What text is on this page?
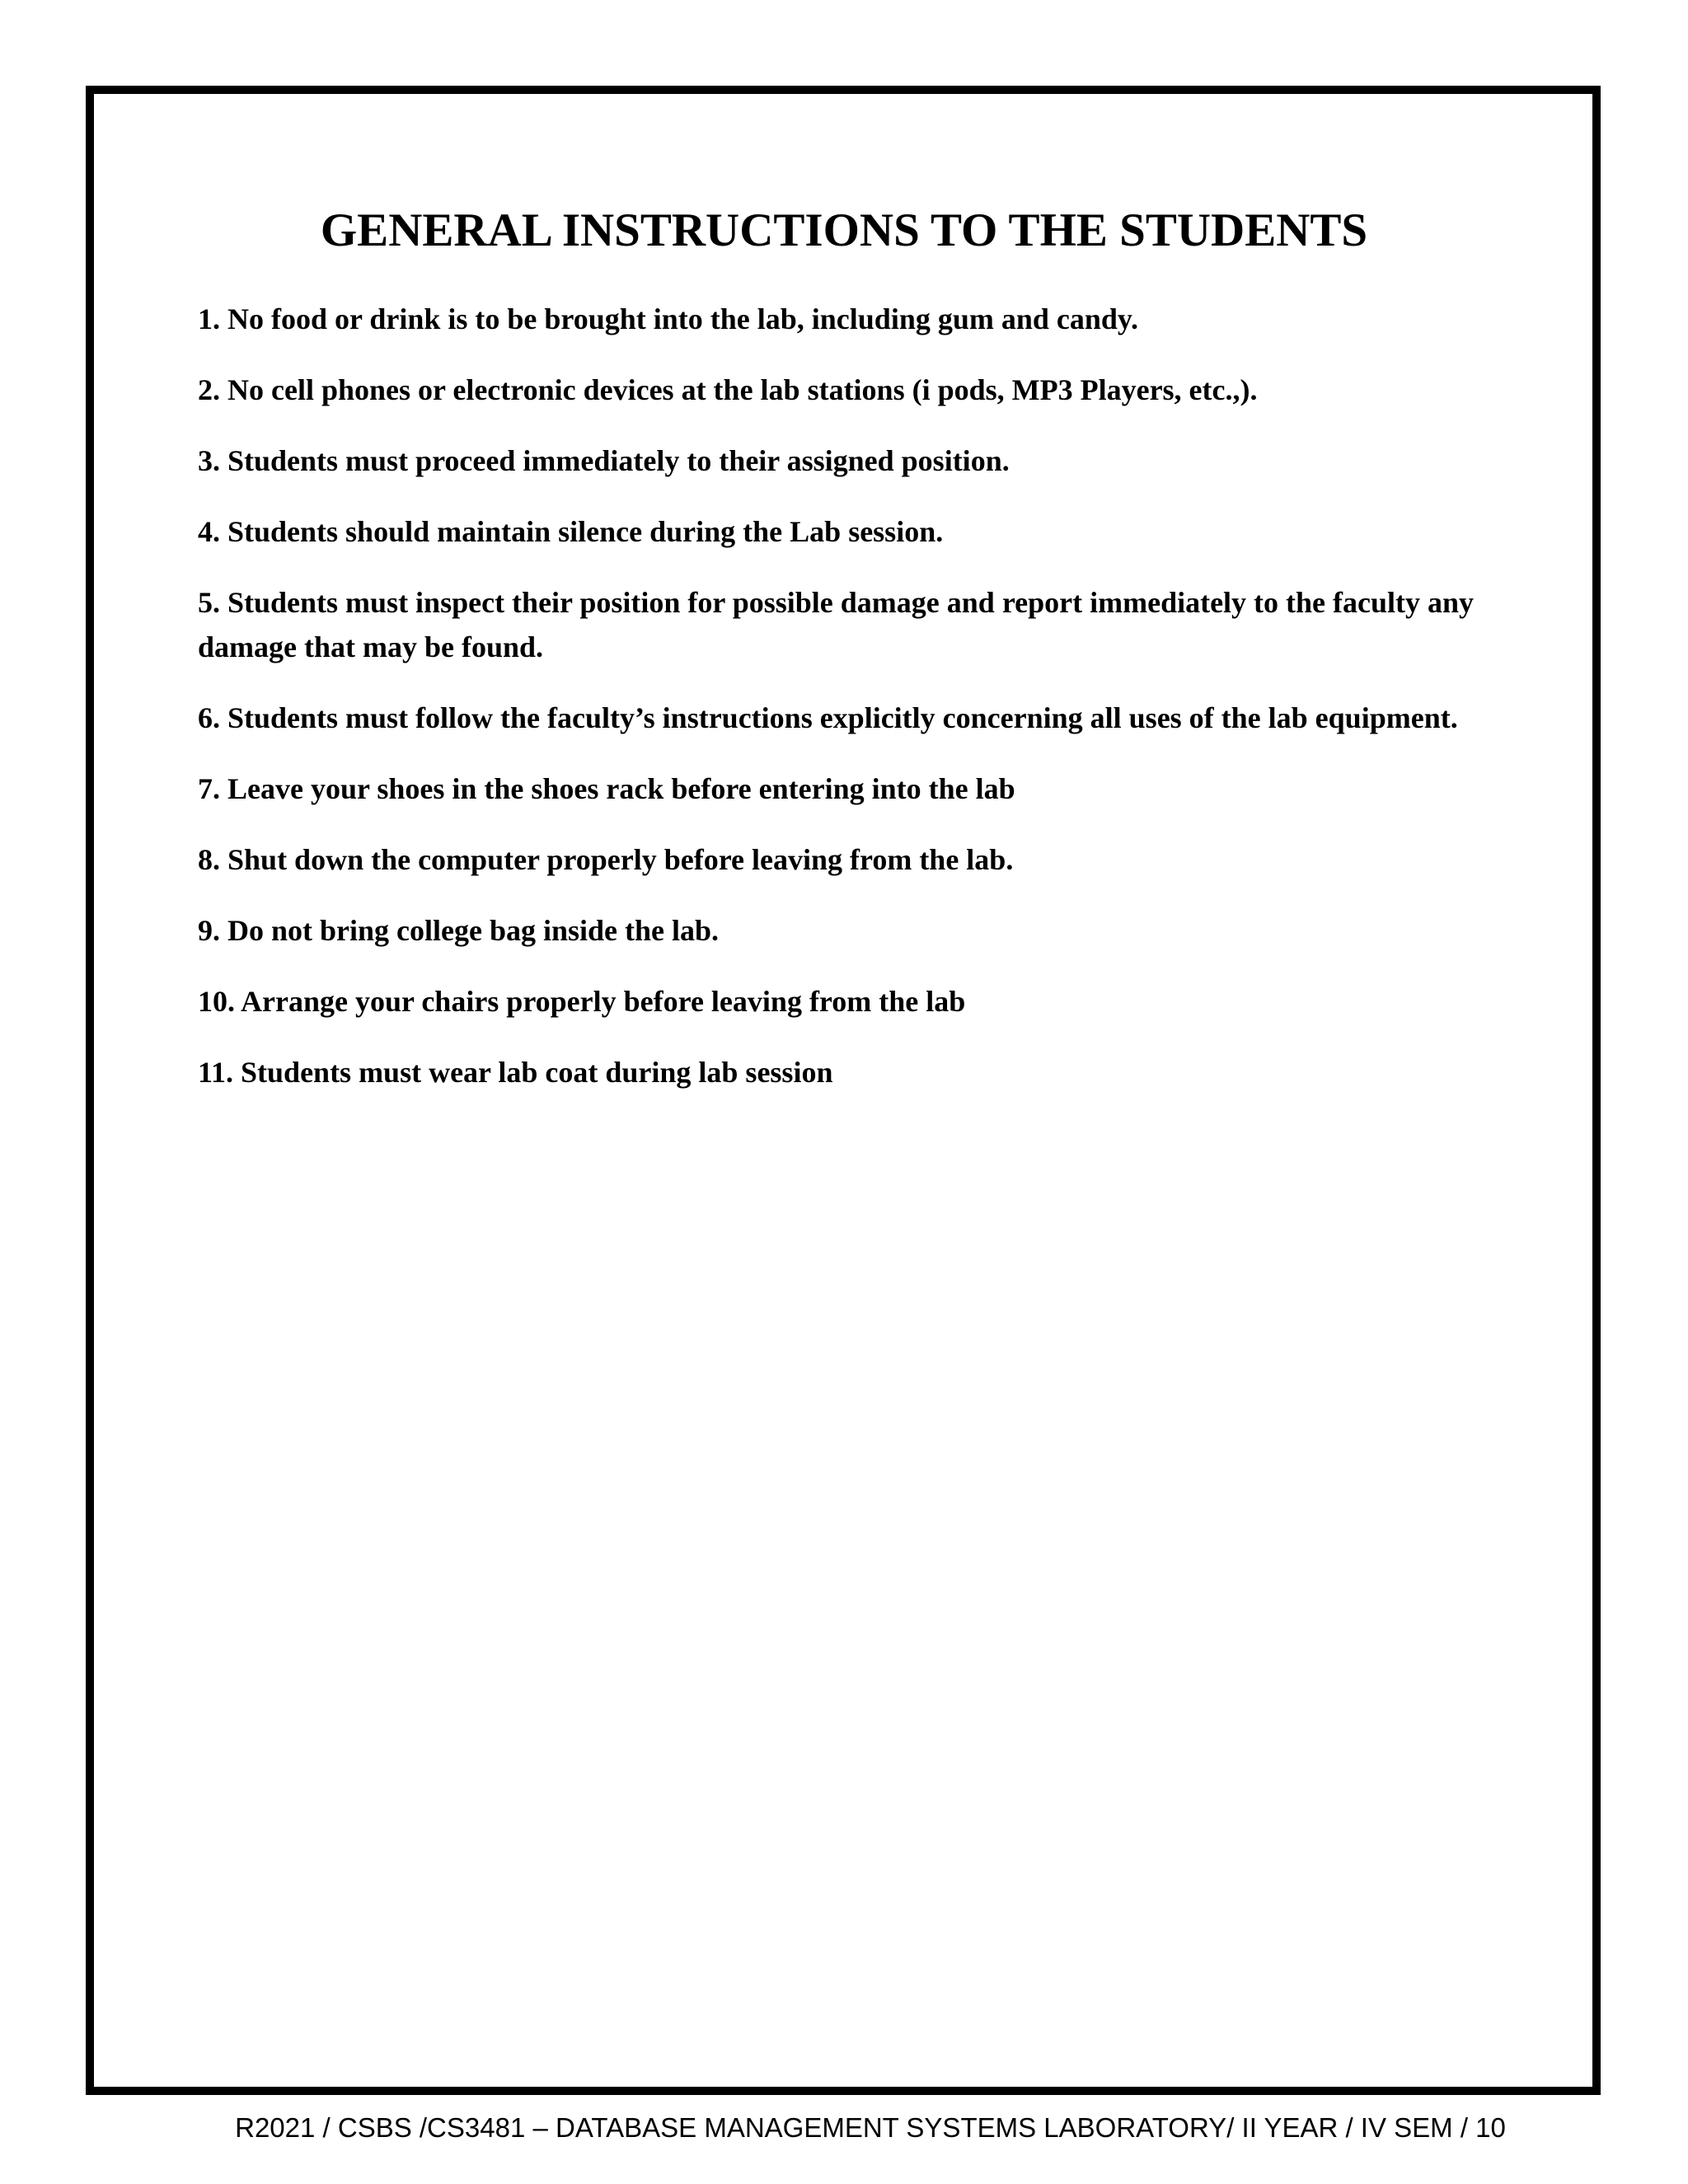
GENERAL INSTRUCTIONS TO THE STUDENTS
1. No food or drink is to be brought into the lab, including gum and candy.
2. No cell phones or electronic devices at the lab stations (i pods, MP3 Players, etc.,).
3. Students must proceed immediately to their assigned position.
4. Students should maintain silence during the Lab session.
5. Students must inspect their position for possible damage and report immediately to the faculty any damage that may be found.
6. Students must follow the faculty’s instructions explicitly concerning all uses of the lab equipment.
7. Leave your shoes in the shoes rack before entering into the lab
8. Shut down the computer properly before leaving from the lab.
9. Do not bring college bag inside the lab.
10. Arrange your chairs properly before leaving from the lab
11. Students must wear lab coat during lab session
R2021 / CSBS /CS3481 – DATABASE MANAGEMENT SYSTEMS LABORATORY/ II YEAR / IV SEM / 10
